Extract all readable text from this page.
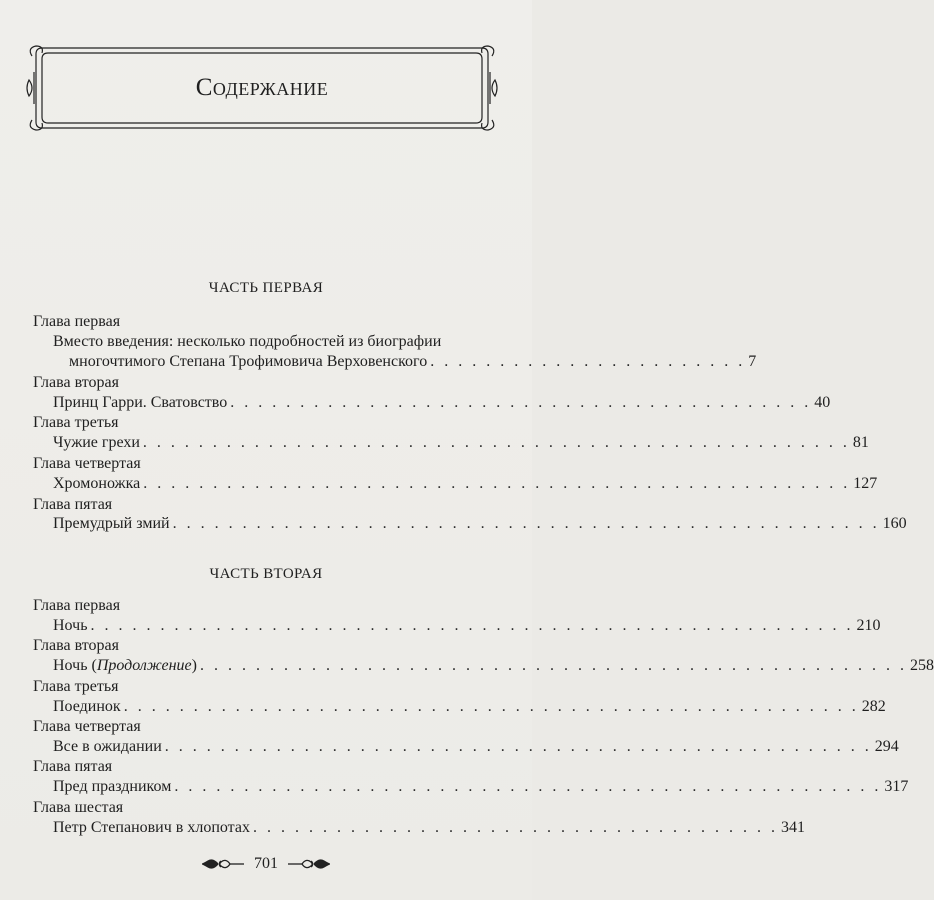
Содержание
ЧАСТЬ ПЕРВАЯ
Глава первая
Вместо введения: несколько подробностей из биографии
многочтимого Степана Трофимовича Верховенского . . . . . . . . . . . . . . . . . . . . . . . 7
Глава вторая
Принц Гарри. Сватовство . . . . . . . . . . . . . . . . . . . . . . . . . . . . . . . . . . . . . . . . . . 40
Глава третья
Чужие грехи . . . . . . . . . . . . . . . . . . . . . . . . . . . . . . . . . . . . . . . . . . . . . . . . . . . 81
Глава четвертая
Хромоножка . . . . . . . . . . . . . . . . . . . . . . . . . . . . . . . . . . . . . . . . . . . . . . . . . . . 127
Глава пятая
Премудрый змий . . . . . . . . . . . . . . . . . . . . . . . . . . . . . . . . . . . . . . . . . . . . . . . . . . . 160
ЧАСТЬ ВТОРАЯ
Глава первая
Ночь . . . . . . . . . . . . . . . . . . . . . . . . . . . . . . . . . . . . . . . . . . . . . . . . . . . . . . . 210
Глава вторая
Ночь (Продолжение) . . . . . . . . . . . . . . . . . . . . . . . . . . . . . . . . . . . . . . . . . . . . . . . . . . . 258
Глава третья
Поединок . . . . . . . . . . . . . . . . . . . . . . . . . . . . . . . . . . . . . . . . . . . . . . . . . . . . . 282
Глава четвертая
Все в ожидании . . . . . . . . . . . . . . . . . . . . . . . . . . . . . . . . . . . . . . . . . . . . . . . . . . . 294
Глава пятая
Пред праздником . . . . . . . . . . . . . . . . . . . . . . . . . . . . . . . . . . . . . . . . . . . . . . . . . . . 317
Глава шестая
Петр Степанович в хлопотах . . . . . . . . . . . . . . . . . . . . . . . . . . . . . . . . . . . . . . 341
701
